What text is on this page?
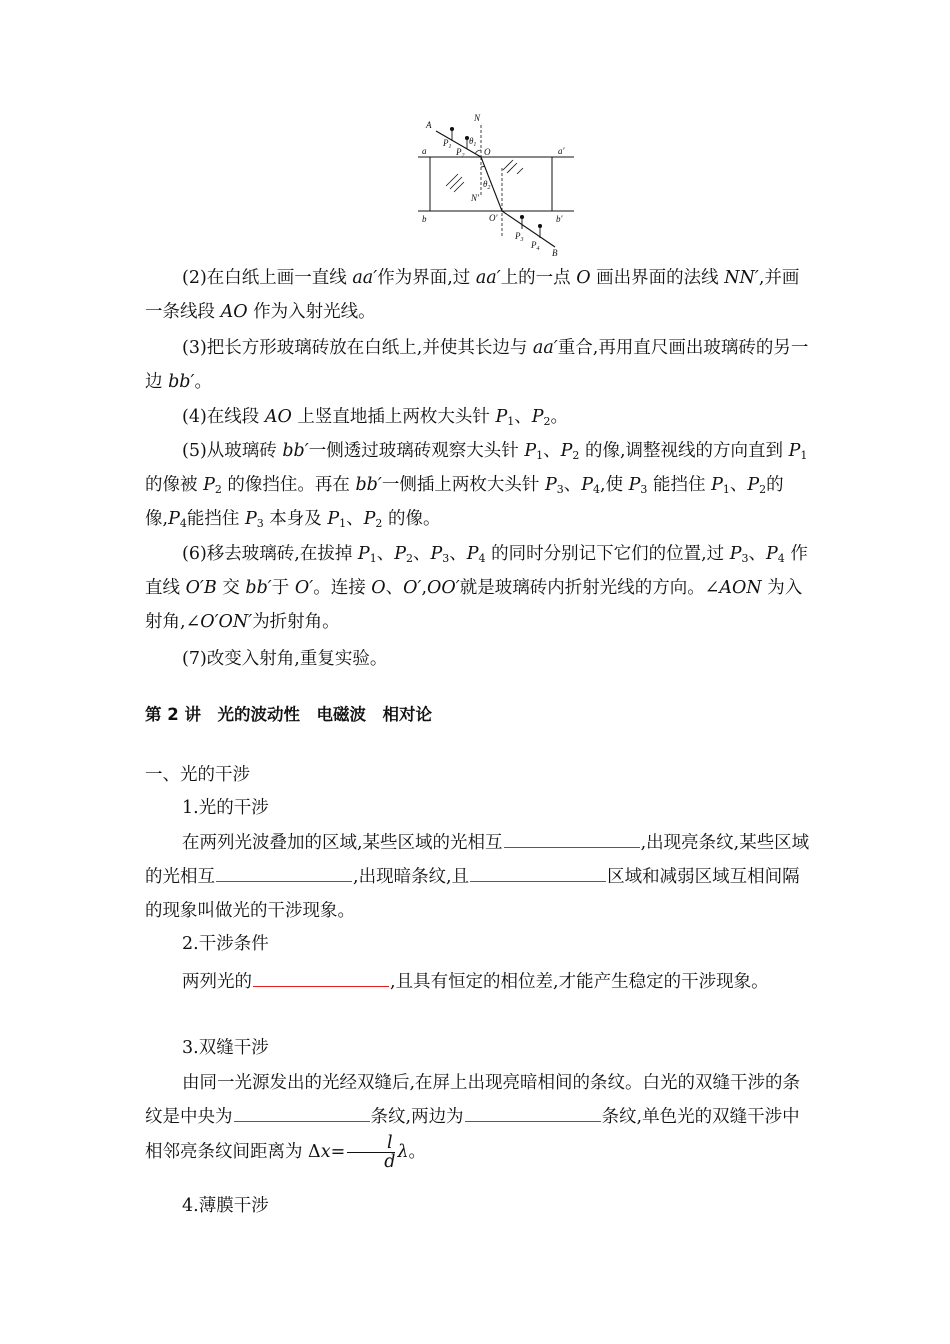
A
N
$P_1$ $P_2$
$\theta_1$
O
a	a′
b	b′
$\theta_2$
N′
O′
$P_3$ $P_4$ B
(2)在白纸上画一直线 aa′作为界面,过 aa′上的一点 O 画出界面的法线 NN′,并画一条线段 AO 作为入射光线。
(3)把长方形玻璃砖放在白纸上,并使其长边与 aa′重合,再用直尺画出玻璃砖的另一边 bb′。
(4)在线段 AO 上竖直地插上两枚大头针 $P_1$、$P_2$。
(5)从玻璃砖 bb′一侧透过玻璃砖观察大头针 $P_1$、$P_2$ 的像,调整视线的方向直到 $P_1$ 的像被 $P_2$ 的像挡住。再在 bb′一侧插上两枚大头针 $P_3$、$P_4$,使 $P_3$ 能挡住 $P_1$、$P_2$的像$,P_4$能挡住 $P_3$ 本身及 $P_1$、$P_2$ 的像。
(6)移去玻璃砖,在拔掉 $P_1$、$P_2$、$P_3$、$P_4$ 的同时分别记下它们的位置,过 $P_3$、$P_4$ 作直线 O′B 交 bb′于 O′。连接 O、O′,OO′就是玻璃砖内折射光线的方向。∠AON 为入射角,∠O′ON′为折射角。
(7)改变入射角,重复实验。
第 2 讲　光的波动性　电磁波　相对论
一、光的干涉
1.光的干涉
在两列光波叠加的区域,某些区域的光相互	,出现亮条纹,某些区域的光相互	,出现暗条纹,且	区域和减弱区域互相间隔的现象叫做光的干涉现象。
2.干涉条件
两列光的	,且具有恒定的相位差,才能产生稳定的干涉现象。
3.双缝干涉
由同一光源发出的光经双缝后,在屏上出现亮暗相间的条纹。白光的双缝干涉的条纹是中央为	条纹,两边为	条纹,单色光的双缝干涉中相邻亮条纹间距离为 $\Delta x= \frac{l}{d}$ λ。
4.薄膜干涉
